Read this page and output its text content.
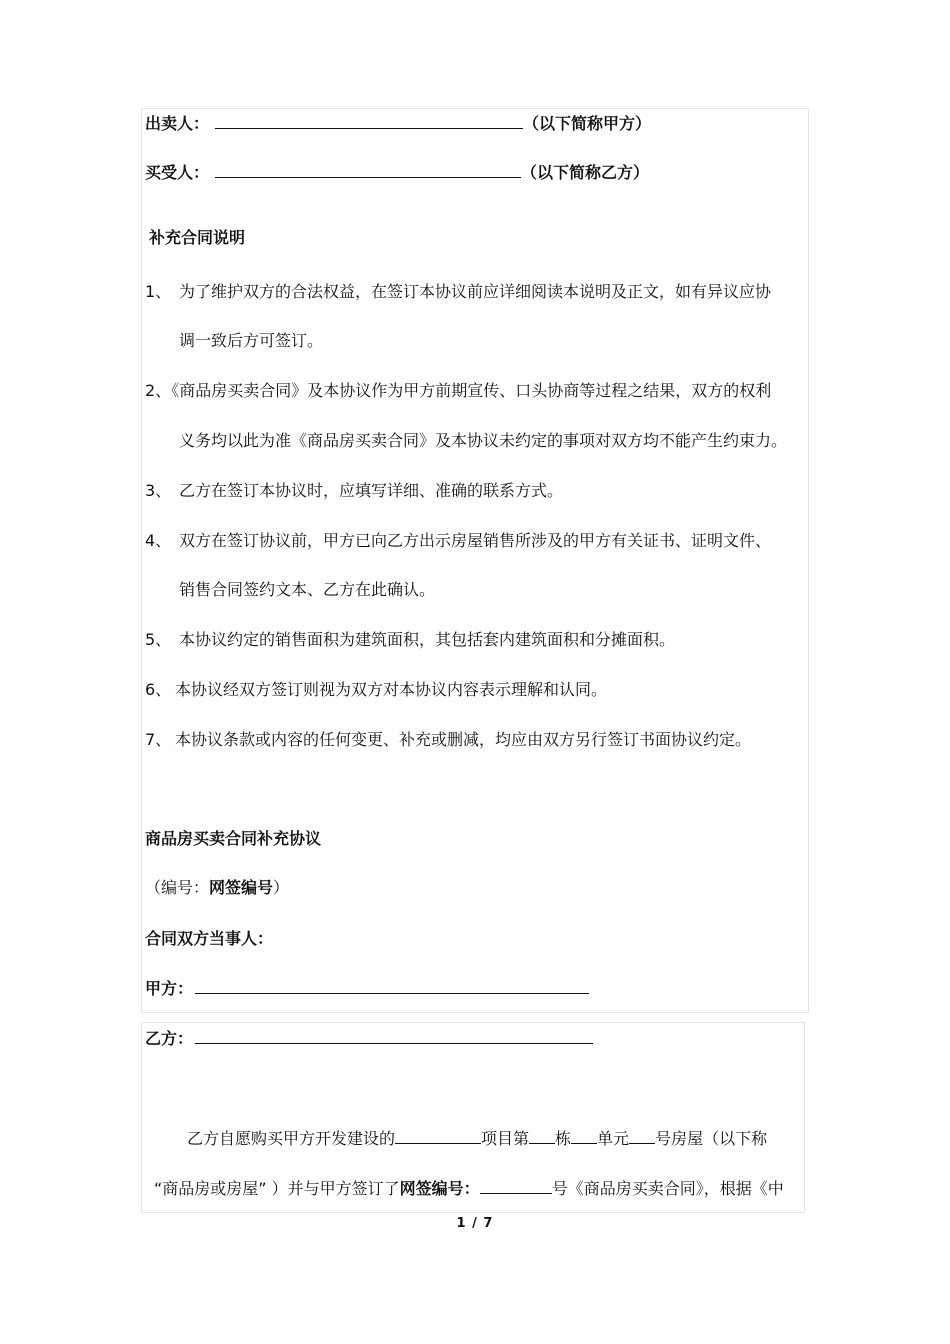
出卖人：	（以下简称甲方）
买受人：	（以下简称乙方）
补充合同说明
1、 为了维护双方的合法权益，在签订本协议前应详细阅读本说明及正文，如有异议应协
调一致后方可签订。
2、《商品房买卖合同》及本协议作为甲方前期宣传、口头协商等过程之结果，双方的权利
义务均以此为准《商品房买卖合同》及本协议未约定的事项对双方均不能产生约束力。
3、 乙方在签订本协议时，应填写详细、准确的联系方式。
4、 双方在签订协议前，甲方已向乙方出示房屋销售所涉及的甲方有关证书、证明文件、
销售合同签约文本、乙方在此确认。
5、 本协议约定的销售面积为建筑面积，其包括套内建筑面积和分摊面积。
6、 本协议经双方签订则视为双方对本协议内容表示理解和认同。
7、 本协议条款或内容的任何变更、补充或删减，均应由双方另行签订书面协议约定。
商品房买卖合同补充协议
（编号：网签编号）
合同双方当事人：
甲方：
乙方：
乙方自愿购买甲方开发建设的	项目第 栋 单元 号房屋（以下称
“商品房或房屋” ）并与甲方签订了网签编号：	号《商品房买卖合同》，根据《中
1 / 7
